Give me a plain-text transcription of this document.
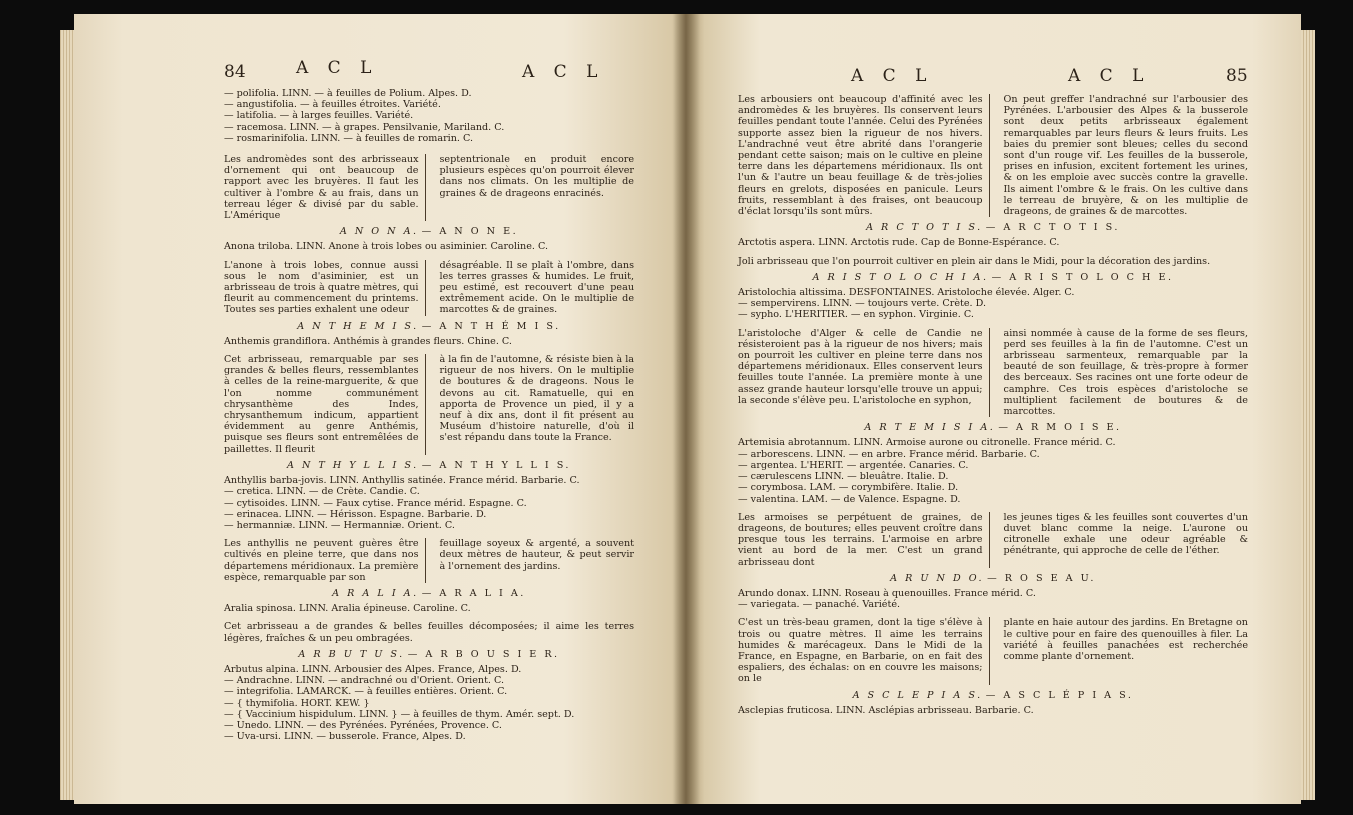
84	A C L	A C L
— polifolia. LINN. — à feuilles de Polium. Alpes. D.
— angustifolia. — à feuilles étroites. Variété.
— latifolia. — à larges feuilles. Variété.
— racemosa. LINN. — à grapes. Pensilvanie, Mariland. C.
— rosmarinifolia. LINN. — à feuilles de romarin. C.
Les andromèdes sont des arbrisseaux d'ornement qui ont beaucoup de rapport avec les bruyères. Il faut les cultiver à l'ombre & au frais, dans un terreau léger & divisé par du sable. L'Amérique
septentrionale en produit encore plusieurs espèces qu'on pourroit élever dans nos climats. On les multiplie de graines & de drageons enracinés.
A N O N A. — A N O N E.
Anona triloba. LINN. Anone à trois lobes ou asiminier. Caroline. C.
L'anone à trois lobes, connue aussi sous le nom d'asiminier, est un arbrisseau de trois à quatre mètres, qui fleurit au commencement du printems. Toutes ses parties exhalent une odeur
désagréable. Il se plaît à l'ombre, dans les terres grasses & humides. Le fruit, peu estimé, est recouvert d'une peau extrêmement acide. On le multiplie de marcottes & de graines.
A N T H E M I S. — A N T H É M I S.
Anthemis grandiflora. Anthémis à grandes fleurs. Chine. C.
Cet arbrisseau, remarquable par ses grandes & belles fleurs, ressemblantes à celles de la reine-marguerite, & que l'on nomme communément chrysanthème des Indes, chrysanthemum indicum, appartient évidemment au genre Anthémis, puisque ses fleurs sont entremêlées de paillettes. Il fleurit
à la fin de l'automne, & résiste bien à la rigueur de nos hivers. On le multiplie de boutures & de drageons. Nous le devons au cit. Ramatuelle, qui en apporta de Provence un pied, il y a neuf à dix ans, dont il fit présent au Muséum d'histoire naturelle, d'où il s'est répandu dans toute la France.
A N T H Y L L I S. — A N T H Y L L I S.
Anthyllis barba-jovis. LINN. Anthyllis satinée. France mérid. Barbarie. C.
— cretica. LINN. — de Crète. Candie. C.
— cytisoides. LINN. — Faux cytise. France mérid. Espagne. C.
— erinacea. LINN. — Hérisson. Espagne. Barbarie. D.
— hermanniæ. LINN. — Hermanniæ. Orient. C.
Les anthyllis ne peuvent guères être cultivés en pleine terre, que dans nos départemens méridionaux. La première espèce, remarquable par son
feuillage soyeux & argenté, a souvent deux mètres de hauteur, & peut servir à l'ornement des jardins.
A R A L I A. — A R A L I A.
Aralia spinosa. LINN. Aralia épineuse. Caroline. C.
Cet arbrisseau a de grandes & belles feuilles décomposées; il aime les terres légères, fraîches & un peu ombragées.
A R B U T U S. — A R B O U S I E R.
Arbutus alpina. LINN. Arbousier des Alpes. France, Alpes. D.
— Andrachne. LINN. — andrachné ou d'Orient. Orient. C.
— integrifolia. LAMARCK. — à feuilles entières. Orient. C.
— { thymifolia. HORT. KEW. }
— { Vaccinium hispidulum. LINN. } — à feuilles de thym. Amér. sept. D.
— Unedo. LINN. — des Pyrénées. Pyrénées, Provence. C.
— Uva-ursi. LINN. — busserole. France, Alpes. D.
A C L	A C L	85
Les arbousiers ont beaucoup d'affinité avec les andromèdes & les bruyères. Ils conservent leurs feuilles pendant toute l'année. Celui des Pyrénées supporte assez bien la rigueur de nos hivers. L'andrachné veut être abrité dans l'orangerie pendant cette saison; mais on le cultive en pleine terre dans les départemens méridionaux. Ils ont l'un & l'autre un beau feuillage & de très-jolies fleurs en grelots, disposées en panicule. Leurs fruits, ressemblant à des fraises, ont beaucoup d'éclat lorsqu'ils sont mûrs.
On peut greffer l'andrachné sur l'arbousier des Pyrénées. L'arbousier des Alpes & la busserole sont deux petits arbrisseaux également remarquables par leurs fleurs & leurs fruits. Les baies du premier sont bleues; celles du second sont d'un rouge vif. Les feuilles de la busserole, prises en infusion, excitent fortement les urines, & on les emploie avec succès contre la gravelle. Ils aiment l'ombre & le frais. On les cultive dans le terreau de bruyère, & on les multiplie de drageons, de graines & de marcottes.
A R C T O T I S. — A R C T O T I S.
Arctotis aspera. LINN. Arctotis rude. Cap de Bonne-Espérance. C.
Joli arbrisseau que l'on pourroit cultiver en plein air dans le Midi, pour la décoration des jardins.
A R I S T O L O C H I A. — A R I S T O L O C H E.
Aristolochia altissima. DESFONTAINES. Aristoloche élevée. Alger. C.
— sempervirens. LINN. — toujours verte. Crète. D.
— sypho. L'HERITIER. — en syphon. Virginie. C.
L'aristoloche d'Alger & celle de Candie ne résisteroient pas à la rigueur de nos hivers; mais on pourroit les cultiver en pleine terre dans nos départemens méridionaux. Elles conservent leurs feuilles toute l'année. La première monte à une assez grande hauteur lorsqu'elle trouve un appui; la seconde s'élève peu. L'aristoloche en syphon,
ainsi nommée à cause de la forme de ses fleurs, perd ses feuilles à la fin de l'automne. C'est un arbrisseau sarmenteux, remarquable par la beauté de son feuillage, & très-propre à former des berceaux. Ses racines ont une forte odeur de camphre. Ces trois espèces d'aristoloche se multiplient facilement de boutures & de marcottes.
A R T E M I S I A. — A R M O I S E.
Artemisia abrotannum. LINN. Armoise aurone ou citronelle. France mérid. C.
— arborescens. LINN. — en arbre. France mérid. Barbarie. C.
— argentea. L'HERIT. — argentée. Canaries. C.
— cærulescens LINN. — bleuâtre. Italie. D.
— corymbosa. LAM. — corymbifère. Italie. D.
— valentina. LAM. — de Valence. Espagne. D.
Les armoises se perpétuent de graines, de drageons, de boutures; elles peuvent croître dans presque tous les terrains. L'armoise en arbre vient au bord de la mer. C'est un grand arbrisseau dont
les jeunes tiges & les feuilles sont couvertes d'un duvet blanc comme la neige. L'aurone ou citronelle exhale une odeur agréable & pénétrante, qui approche de celle de l'éther.
A R U N D O. — R O S E A U.
Arundo donax. LINN. Roseau à quenouilles. France mérid. C.
— variegata. — panaché. Variété.
C'est un très-beau gramen, dont la tige s'élève à trois ou quatre mètres. Il aime les terrains humides & marécageux. Dans le Midi de la France, en Espagne, en Barbarie, on en fait des espaliers, des échalas: on en couvre les maisons; on le
plante en haie autour des jardins. En Bretagne on le cultive pour en faire des quenouilles à filer. La variété à feuilles panachées est recherchée comme plante d'ornement.
A S C L E P I A S. — A S C L É P I A S.
Asclepias fruticosa. LINN. Asclépias arbrisseau. Barbarie. C.
